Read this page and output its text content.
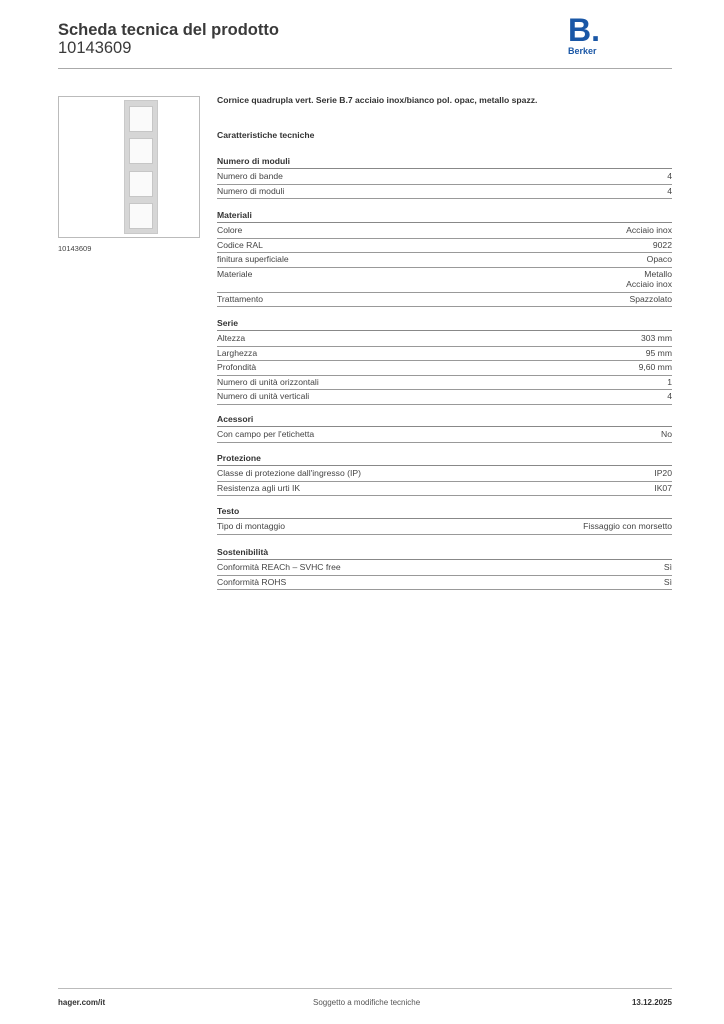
Scheda tecnica del prodotto
10143609	B.
Berker
10143609
Cornice quadrupla vert. Serie B.7 acciaio inox/bianco pol. opac, metallo spazz.
Caratteristiche tecniche
Numero di moduli
Numero di bande	4
Numero di moduli	4
Materiali
Colore	Acciaio inox
Codice RAL	9022
finitura superficiale	Opaco
Materiale	Metallo
Acciaio inox
Trattamento	Spazzolato
Serie
Altezza	303 mm
Larghezza	95 mm
Profondità	9,60 mm
Numero di unità orizzontali	1
Numero di unità verticali	4
Acessori
Con campo per l'etichetta	No
Protezione
Classe di protezione dall'ingresso (IP)	IP20
Resistenza agli urti IK	IK07
Testo
Tipo di montaggio	Fissaggio con morsetto
Sostenibilità
Conformità REACh – SVHC free	Sì
Conformità ROHS	Sì
hager.com/it	Soggetto a modifiche tecniche	13.12.2025
